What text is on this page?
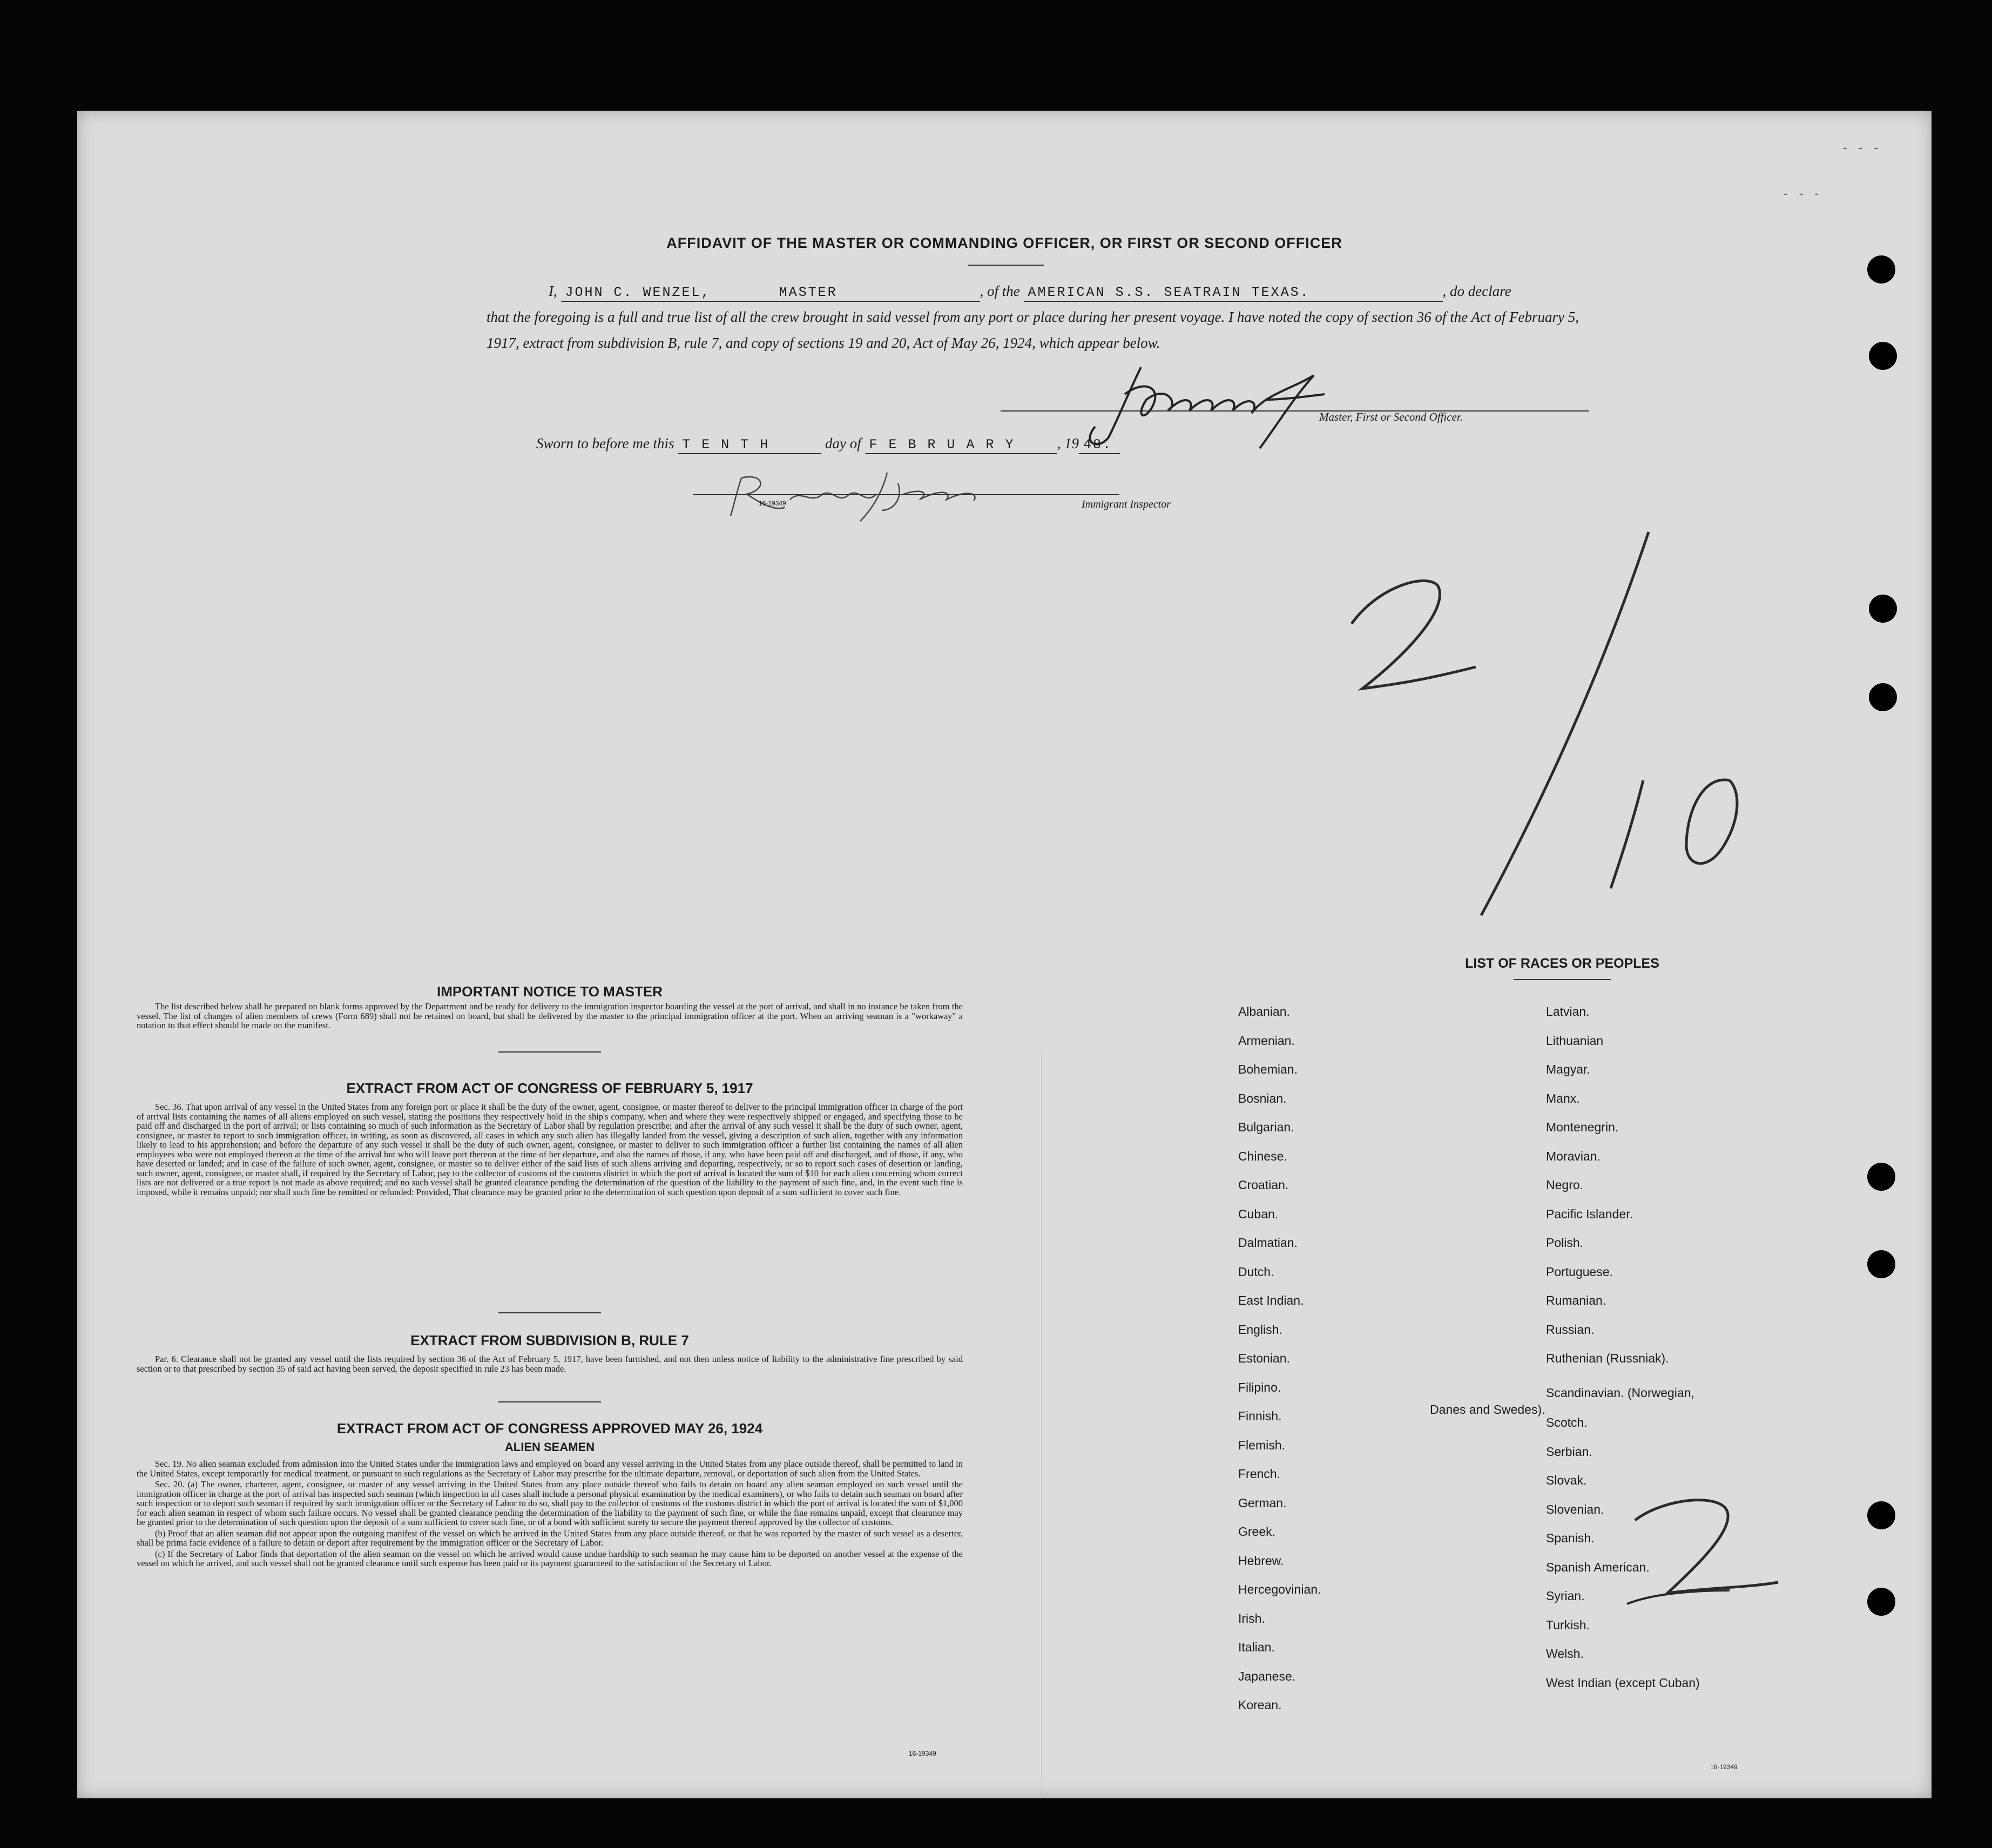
- - -
- - -
AFFIDAVIT OF THE MASTER OR COMMANDING OFFICER, OR FIRST OR SECOND OFFICER
I, JOHN C. WENZEL,	MASTER	, of the AMERICAN S.S. SEATRAIN TEXAS.	, do declare
that the foregoing is a full and true list of all the crew brought in said vessel from any port or place during her present voyage. I have noted the copy of section 36 of the Act of February 5, 1917, extract from subdivision B, rule 7, and copy of sections 19 and 20, Act of May 26, 1924, which appear below.
Master, First or Second Officer.
Sworn to before me this T E N T H	day of F E B R U A R Y	, 19 48.
16-19349	Immigrant Inspector
IMPORTANT NOTICE TO MASTER

The list described below shall be prepared on blank forms approved by the Department and be ready for delivery to the immigration inspector boarding the vessel at the port of arrival, and shall in no instance be taken from the vessel. The list of changes of alien members of crews (Form 689) shall not be retained on board, but shall be delivered by the master to the principal immigration officer at the port. When an arriving seaman is a "workaway" a notation to that effect should be made on the manifest.

EXTRACT FROM ACT OF CONGRESS OF FEBRUARY 5, 1917

Sec. 36. That upon arrival of any vessel in the United States from any foreign port or place it shall be the duty of the owner, agent, consignee, or master thereof to deliver to the principal immigration officer in charge of the port of arrival lists containing the names of all aliens employed on such vessel, stating the positions they respectively hold in the ship's company, when and where they were respectively shipped or engaged, and specifying those to be paid off and discharged in the port of arrival; or lists containing so much of such information as the Secretary of Labor shall by regulation prescribe; and after the arrival of any such vessel it shall be the duty of such owner, agent, consignee, or master to report to such immigration officer, in writing, as soon as discovered, all cases in which any such alien has illegally landed from the vessel, giving a description of such alien, together with any information likely to lead to his apprehension; and before the departure of any such vessel it shall be the duty of such owner, agent, consignee, or master to deliver to such immigration officer a further list containing the names of all alien employees who were not employed thereon at the time of the arrival but who will leave port thereon at the time of her departure, and also the names of those, if any, who have been paid off and discharged, and of those, if any, who have deserted or landed; and in case of the failure of such owner, agent, consignee, or master so to deliver either of the said lists of such aliens arriving and departing, respectively, or so to report such cases of desertion or landing, such owner, agent, consignee, or master shall, if required by the Secretary of Labor, pay to the collector of customs of the customs district in which the port of arrival is located the sum of $10 for each alien concerning whom correct lists are not delivered or a true report is not made as above required; and no such vessel shall be granted clearance pending the determination of the question of the liability to the payment of such fine, and, in the event such fine is imposed, while it remains unpaid; nor shall such fine be remitted or refunded: Provided, That clearance may be granted prior to the determination of such question upon deposit of a sum sufficient to cover such fine.

EXTRACT FROM SUBDIVISION B, RULE 7

Par. 6. Clearance shall not be granted any vessel until the lists required by section 36 of the Act of February 5, 1917, have been furnished, and not then unless notice of liability to the administrative fine prescribed by said section or to that prescribed by section 35 of said act having been served, the deposit specified in rule 23 has been made.

EXTRACT FROM ACT OF CONGRESS APPROVED MAY 26, 1924
ALIEN SEAMEN

Sec. 19. No alien seaman excluded from admission into the United States under the immigration laws and employed on board any vessel arriving in the United States from any place outside thereof, shall be permitted to land in the United States, except temporarily for medical treatment, or pursuant to such regulations as the Secretary of Labor may prescribe for the ultimate departure, removal, or deportation of such alien from the United States.

Sec. 20. (a) The owner, charterer, agent, consignee, or master of any vessel arriving in the United States from any place outside thereof who fails to detain on board any alien seaman employed on such vessel until the immigration officer in charge at the port of arrival has inspected such seaman (which inspection in all cases shall include a personal physical examination by the medical examiners), or who fails to detain such seaman on board after such inspection or to deport such seaman if required by such immigration officer or the Secretary of Labor to do so, shall pay to the collector of customs of the customs district in which the port of arrival is located the sum of $1,000 for each alien seaman in respect of whom such failure occurs. No vessel shall be granted clearance pending the determination of the liability to the payment of such fine, or while the fine remains unpaid, except that clearance may be granted prior to the determination of such question upon the deposit of a sum sufficient to cover such fine, or of a bond with sufficient surety to secure the payment thereof approved by the collector of customs.

(b) Proof that an alien seaman did not appear upon the outgoing manifest of the vessel on which he arrived in the United States from any place outside thereof, or that he was reported by the master of such vessel as a deserter, shall be prima facie evidence of a failure to detain or deport after requirement by the immigration officer or the Secretary of Labor.

(c) If the Secretary of Labor finds that deportation of the alien seaman on the vessel on which he arrived would cause undue hardship to such seaman he may cause him to be deported on another vessel at the expense of the vessel on which he arrived, and such vessel shall not be granted clearance until such expense has been paid or its payment guaranteed to the satisfaction of the Secretary of Labor.

16-19349
LIST OF RACES OR PEOPLES
Albanian.
Armenian.
Bohemian.
Bosnian.
Bulgarian.
Chinese.
Croatian.
Cuban.
Dalmatian.
Dutch.
East Indian.
English.
Estonian.
Filipino.
Finnish.
Flemish.
French.
German.
Greek.
Hebrew.
Hercegovinian.
Irish.
Italian.
Japanese.
Korean.
Latvian.
Lithuanian
Magyar.
Manx.
Montenegrin.
Moravian.
Negro.
Pacific Islander.
Polish.
Portuguese.
Rumanian.
Russian.
Ruthenian (Russniak).
Scandinavian. (Norwegian,
Scotch.
Serbian.
Slovak.
Slovenian.
Spanish.
Spanish American.
Syrian.
Turkish.
Welsh.
West Indian (except Cuban)
Danes and Swedes).
16-19349
